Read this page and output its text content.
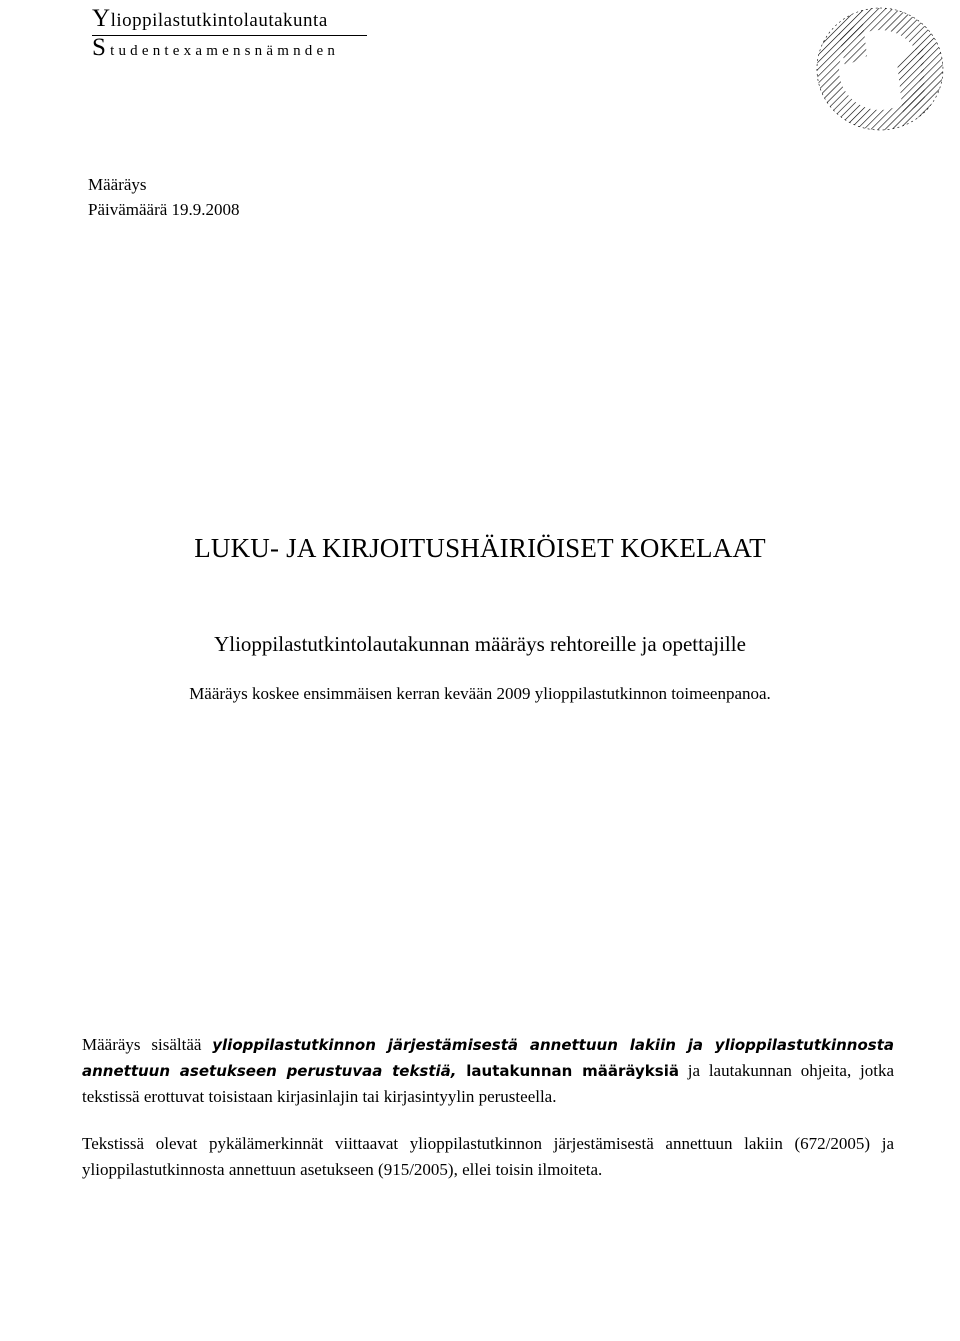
Ylioppilastutkintolautakunta
Studentexamensnämnden
Määräys
Päivämäärä 19.9.2008
LUKU- JA KIRJOITUSHÄIRIÖISET KOKELAAT
Ylioppilastutkintolautakunnan määräys rehtoreille ja opettajille
Määräys koskee ensimmäisen kerran kevään 2009 ylioppilastutkinnon toimeenpanoa.
Määräys sisältää ylioppilastutkinnon järjestämisestä annettuun lakiin ja ylioppilastutkinnosta annettuun asetukseen perustuvaa tekstiä, lautakunnan määräyksiä ja lautakunnan ohjeita, jotka tekstissä erottuvat toisistaan kirjasinlajin tai kirjasintyylin perusteella.
Tekstissä olevat pykälämerkinnät viittaavat ylioppilastutkinnon järjestämisestä annettuun lakiin (672/2005) ja ylioppilastutkinnosta annettuun asetukseen (915/2005), ellei toisin ilmoiteta.
